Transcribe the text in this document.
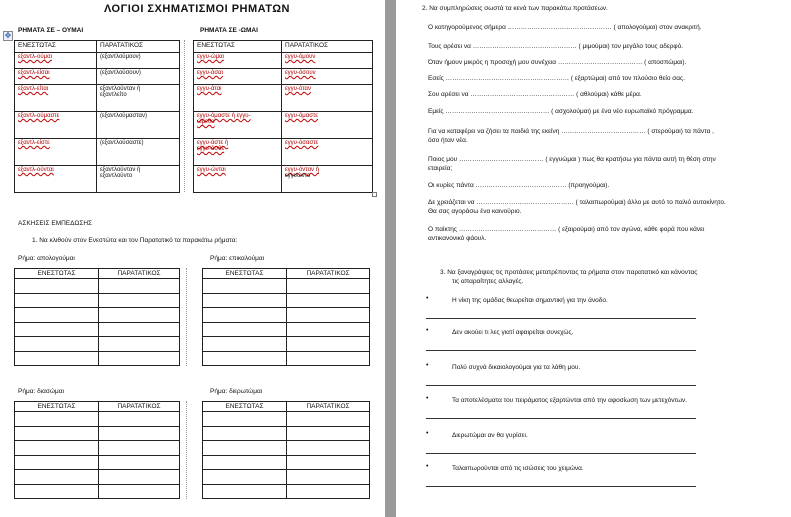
ΛΟΓΙΟΙ ΣΧΗΜΑΤΙΣΜΟΙ ΡΗΜΑΤΩΝ
✥
ΡΗΜΑΤΑ ΣΕ – ΟΥΜΑΙ	ΡΗΜΑΤΑ ΣΕ -ΩΜΑΙ
ΕΝΕΣΤΩΤΑΣ	ΠΑΡΑΤΑΤΙΚΟΣ
εξαντλ-ούμαι	(εξαντλούμουν)
εξαντλ-είσαι	(εξαντλούσουν)
εξαντλ-είται	εξαντλούνταν ή
εξαντλείτο

εξαντλ-ούμαστε	(εξαντλούμασταν)
εξαντλ-είστε	(εξαντλούσαστε)
εξαντλ-ούνται	εξαντλούνταν ή
εξαντλούντο
ΕΝΕΣΤΩΤΑΣ	ΠΑΡΑΤΑΤΙΚΟΣ
εγγυ-ώμαι	εγγυ-όμουν
εγγυ-άσαι	εγγυ-όσουν
εγγυ-άται	εγγυ-όταν

εγγυ-όμαστε ή εγγυ-
ώμεθα	εγγυ-όμαστε

εγγυ-άστε ή
εγγυ-άσθε	εγγυ-όσαστε
εγγυ-ώνται	εγγυ-όνταν ή
εγγυώντο
ΑΣΚΗΣΕΙΣ ΕΜΠΕΔΩΣΗΣ
1. Να κλιθούν στον Ενεστώτα και τον Παρατατικό τα παρακάτω ρήματα:
Ρήμα: απολογούμαι	Ρήμα: επικαλούμαι
ΕΝΕΣΤΩΤΑΣ	ΠΑΡΑΤΑΤΙΚΟΣ

		ΕΝΕΣΤΩΤΑΣ	ΠΑΡΑΤΑΤΙΚΟΣ

Ρήμα: διασώμαι	Ρήμα: διερωτώμαι
ΕΝΕΣΤΩΤΑΣ	ΠΑΡΑΤΑΤΙΚΟΣ

		ΕΝΕΣΤΩΤΑΣ	ΠΑΡΑΤΑΤΙΚΟΣ

2. Να συμπληρώσεις σωστά τα κενά των παρακάτω προτάσεων.
Ο κατηγορούμενος σήμερα ………………………………………… ( απολογούμαι) στον ανακριτή.
Τους αρέσει να ………………………………………… ( μιμούμαι) τον μεγάλο τους αδερφό.
Όταν ήμουν μικρός η προσοχή μου συνέχεια ………………………………… ( αποσπώμαι).
Εσείς ………………………………………………… ( εξαρτώμαι) από τον πλούσιο θείο σας.
Σου αρέσει να ………………………………………… ( αθλούμαι) κάθε μέρα.
Εμείς ………………………………………… ( ασχολούμαι) με ένα νέο ευρωπαϊκό πρόγραμμα.
Για να καταφέρει να ζήσει τα παιδιά της εκείνη ………………………………… ( στερούμαι) τα πάντα ,
όσο ήταν νέα.
Ποιος μου ………………………………… ( εγγυώμαι ) πως θα κρατήσω για πάντα αυτή τη θέση στην
εταιρεία;
Οι κυρίες πάντα …………………………………… (προηγούμαι).
Δε χρειάζεται να ……………………………………… ( ταλαιπωρούμαι) άλλο με αυτό το παλιό αυτοκίνητο.
Θα σας αγοράσω ένα καινούριο.
Ο παίκτης ……………………………………… ( εξαιρούμαι) από τον αγώνα, κάθε φορά που κάνει
αντικανονικό φάουλ.
3. Να ξαναγράψεις τις προτάσεις μετατρέποντας τα ρήματα στον παρατατικό και κάνοντας
τις απαραίτητες αλλαγές.
•	Η νίκη της ομάδας θεωρείται σημαντική για την άνοδο.
•	Δεν ακούει τι λες γιατί αφαιρείται συνεχώς.
•	Πολύ συχνά δικαιολογούμαι για τα λάθη μου.
•	Τα αποτελέσματα του πειράματος εξαρτώνται από την αφοσίωση των μετεχόντων.
•	Διερωτώμαι αν θα γυρίσει.
•	Ταλαιπωρούνται από τις ισώσεις του χειμώνα.
